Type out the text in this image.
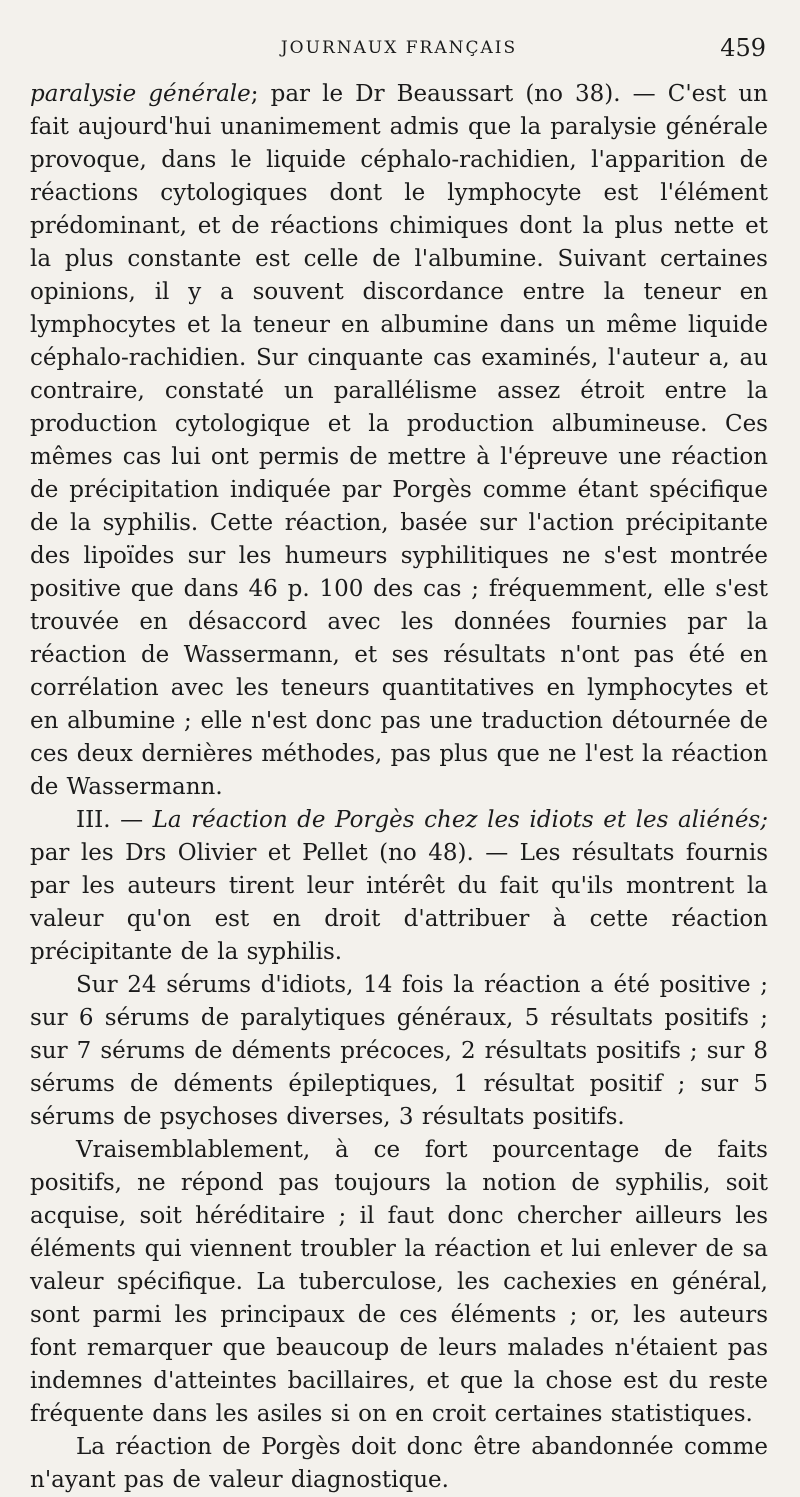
JOURNAUX FRANÇAIS	459

paralysie générale; par le Dr Beaussart (no 38). — C'est un fait aujourd'hui unanimement admis que la paralysie générale provoque, dans le liquide céphalo-rachidien, l'apparition de réactions cytologiques dont le lymphocyte est l'élément prédominant, et de réactions chimiques dont la plus nette et la plus constante est celle de l'albumine. Suivant certaines opinions, il y a souvent discordance entre la teneur en lymphocytes et la teneur en albumine dans un même liquide céphalo-rachidien. Sur cinquante cas examinés, l'auteur a, au contraire, constaté un parallélisme assez étroit entre la production cytologique et la production albumineuse. Ces mêmes cas lui ont permis de mettre à l'épreuve une réaction de précipitation indiquée par Porgès comme étant spécifique de la syphilis. Cette réaction, basée sur l'action précipitante des lipoïdes sur les humeurs syphilitiques ne s'est montrée positive que dans 46 p. 100 des cas ; fréquemment, elle s'est trouvée en désaccord avec les données fournies par la réaction de Wassermann, et ses résultats n'ont pas été en corrélation avec les teneurs quantitatives en lymphocytes et en albumine ; elle n'est donc pas une traduction détournée de ces deux dernières méthodes, pas plus que ne l'est la réaction de Wassermann.

III. — La réaction de Porgès chez les idiots et les aliénés; par les Drs Olivier et Pellet (no 48). — Les résultats fournis par les auteurs tirent leur intérêt du fait qu'ils montrent la valeur qu'on est en droit d'attribuer à cette réaction précipitante de la syphilis.

Sur 24 sérums d'idiots, 14 fois la réaction a été positive ; sur 6 sérums de paralytiques généraux, 5 résultats positifs ; sur 7 sérums de déments précoces, 2 résultats positifs ; sur 8 sérums de déments épileptiques, 1 résultat positif ; sur 5 sérums de psychoses diverses, 3 résultats positifs.

Vraisemblablement, à ce fort pourcentage de faits positifs, ne répond pas toujours la notion de syphilis, soit acquise, soit héréditaire ; il faut donc chercher ailleurs les éléments qui viennent troubler la réaction et lui enlever de sa valeur spécifique. La tuberculose, les cachexies en général, sont parmi les principaux de ces éléments ; or, les auteurs font remarquer que beaucoup de leurs malades n'étaient pas indemnes d'atteintes bacillaires, et que la chose est du reste fréquente dans les asiles si on en croit certaines statistiques.

La réaction de Porgès doit donc être abandonnée comme n'ayant pas de valeur diagnostique.
